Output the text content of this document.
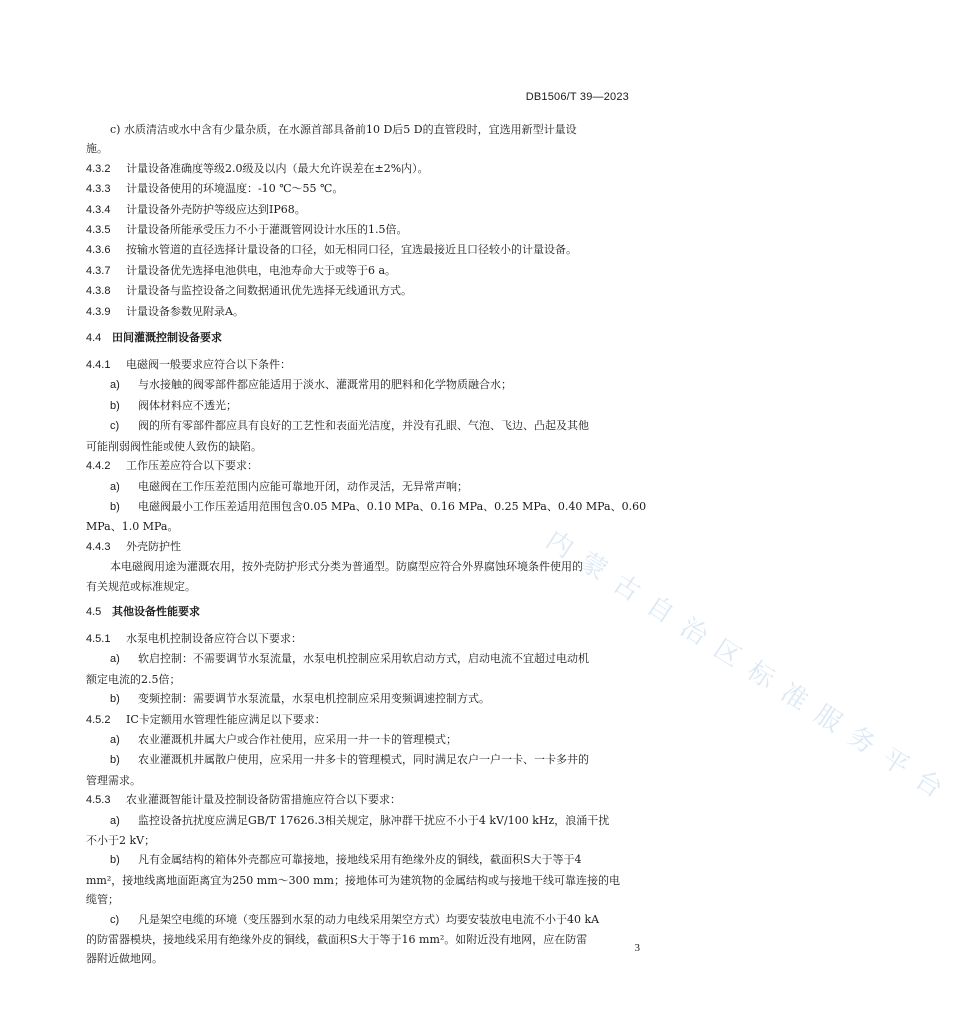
DB1506/T 39—2023
c) 水质清洁或水中含有少量杂质，在水源首部具备前10 D后5 D的直管段时，宜选用新型计量设
施。
4.3.2 计量设备准确度等级2.0级及以内（最大允许误差在±2%内）。
4.3.3 计量设备使用的环境温度：-10 ℃～55 ℃。
4.3.4 计量设备外壳防护等级应达到IP68。
4.3.5 计量设备所能承受压力不小于灌溉管网设计水压的1.5倍。
4.3.6 按输水管道的直径选择计量设备的口径，如无相同口径，宜选最接近且口径较小的计量设备。
4.3.7 计量设备优先选择电池供电，电池寿命大于或等于6 a。
4.3.8 计量设备与监控设备之间数据通讯优先选择无线通讯方式。
4.3.9 计量设备参数见附录A。
4.4 田间灌溉控制设备要求
4.4.1 电磁阀一般要求应符合以下条件：
a) 与水接触的阀零部件都应能适用于淡水、灌溉常用的肥料和化学物质融合水；
b) 阀体材料应不透光；
c) 阀的所有零部件都应具有良好的工艺性和表面光洁度，并没有孔眼、气泡、飞边、凸起及其他
可能削弱阀性能或使人致伤的缺陷。
4.4.2 工作压差应符合以下要求：
a) 电磁阀在工作压差范围内应能可靠地开闭，动作灵活，无异常声响；
b) 电磁阀最小工作压差适用范围包含0.05 MPa、0.10 MPa、0.16 MPa、0.25 MPa、0.40 MPa、0.60
MPa、1.0 MPa。
4.4.3 外壳防护性
本电磁阀用途为灌溉农用，按外壳防护形式分类为普通型。防腐型应符合外界腐蚀环境条件使用的
有关规范或标准规定。
4.5 其他设备性能要求
4.5.1 水泵电机控制设备应符合以下要求：
a) 软启控制：不需要调节水泵流量，水泵电机控制应采用软启动方式，启动电流不宜超过电动机
额定电流的2.5倍；
b) 变频控制：需要调节水泵流量，水泵电机控制应采用变频调速控制方式。
4.5.2 IC卡定额用水管理性能应满足以下要求：
a) 农业灌溉机井属大户或合作社使用，应采用一井一卡的管理模式；
b) 农业灌溉机井属散户使用，应采用一井多卡的管理模式，同时满足农户一户一卡、一卡多井的
管理需求。
4.5.3 农业灌溉智能计量及控制设备防雷措施应符合以下要求：
a) 监控设备抗扰度应满足GB/T 17626.3相关规定，脉冲群干扰应不小于4 kV/100 kHz，浪涌干扰
不小于2 kV；
b) 凡有金属结构的箱体外壳都应可靠接地，接地线采用有绝缘外皮的铜线，截面积S大于等于4
mm²，接地线离地面距离宜为250 mm～300 mm；接地体可为建筑物的金属结构或与接地干线可靠连接的电
缆管；
c) 凡是架空电缆的环境（变压器到水泵的动力电线采用架空方式）均要安装放电电流不小于40 kA
的防雷器模块，接地线采用有绝缘外皮的铜线，截面积S大于等于16 mm²。如附近没有地网，应在防雷
器附近做地网。
内蒙古自治区标准服务平台
3
